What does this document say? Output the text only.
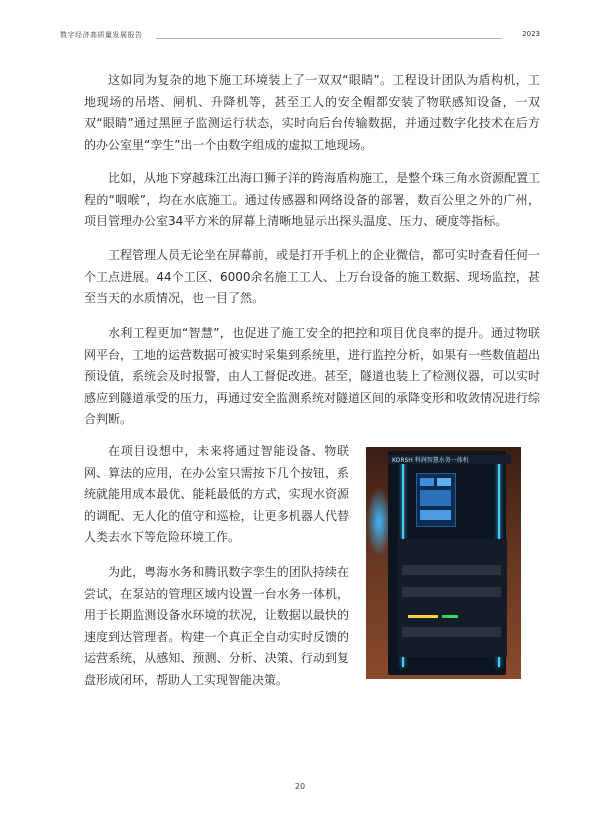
数字经济高质量发展报告	2023

这如同为复杂的地下施工环境装上了一双双“眼睛”。工程设计团队为盾构机，工地现场的吊塔、闸机、升降机等，甚至工人的安全帽都安装了物联感知设备，一双双“眼睛”通过黑匣子监测运行状态，实时向后台传输数据，并通过数字化技术在后方的办公室里“孪生”出一个由数字组成的虚拟工地现场。

比如，从地下穿越珠江出海口狮子洋的跨海盾构施工，是整个珠三角水资源配置工程的“咽喉”，均在水底施工。通过传感器和网络设备的部署，数百公里之外的广州，项目管理办公室34平方米的屏幕上清晰地显示出探头温度、压力、硬度等指标。

工程管理人员无论坐在屏幕前，或是打开手机上的企业微信，都可实时查看任何一个工点进展。44个工区、6000余名施工工人、上万台设备的施工数据、现场监控，甚至当天的水质情况，也一目了然。

水利工程更加“智慧”，也促进了施工安全的把控和项目优良率的提升。通过物联网平台，工地的运营数据可被实时采集到系统里，进行监控分析，如果有一些数值超出预设值，系统会及时报警，由人工督促改进。甚至，隧道也装上了检测仪器，可以实时感应到隧道承受的压力，再通过安全监测系统对隧道区间的承降变形和收敛情况进行综合判断。

在项目设想中，未来将通过智能设备、物联网、算法的应用，在办公室只需按下几个按钮，系统就能用成本最优、能耗最低的方式，实现水资源的调配、无人化的值守和巡检，让更多机器人代替人类去水下等危险环境工作。

为此，粤海水务和腾讯数字孪生的团队持续在尝试，在泵站的管理区域内设置一台水务一体机，用于长期监测设备水环境的状况，让数据以最快的速度到达管理者。构建一个真正全自动实时反馈的运营系统，从感知、预测、分析、决策、行动到复盘形成闭环，帮助人工实现智能决策。

KORSH 科润智慧水务一体机
20
